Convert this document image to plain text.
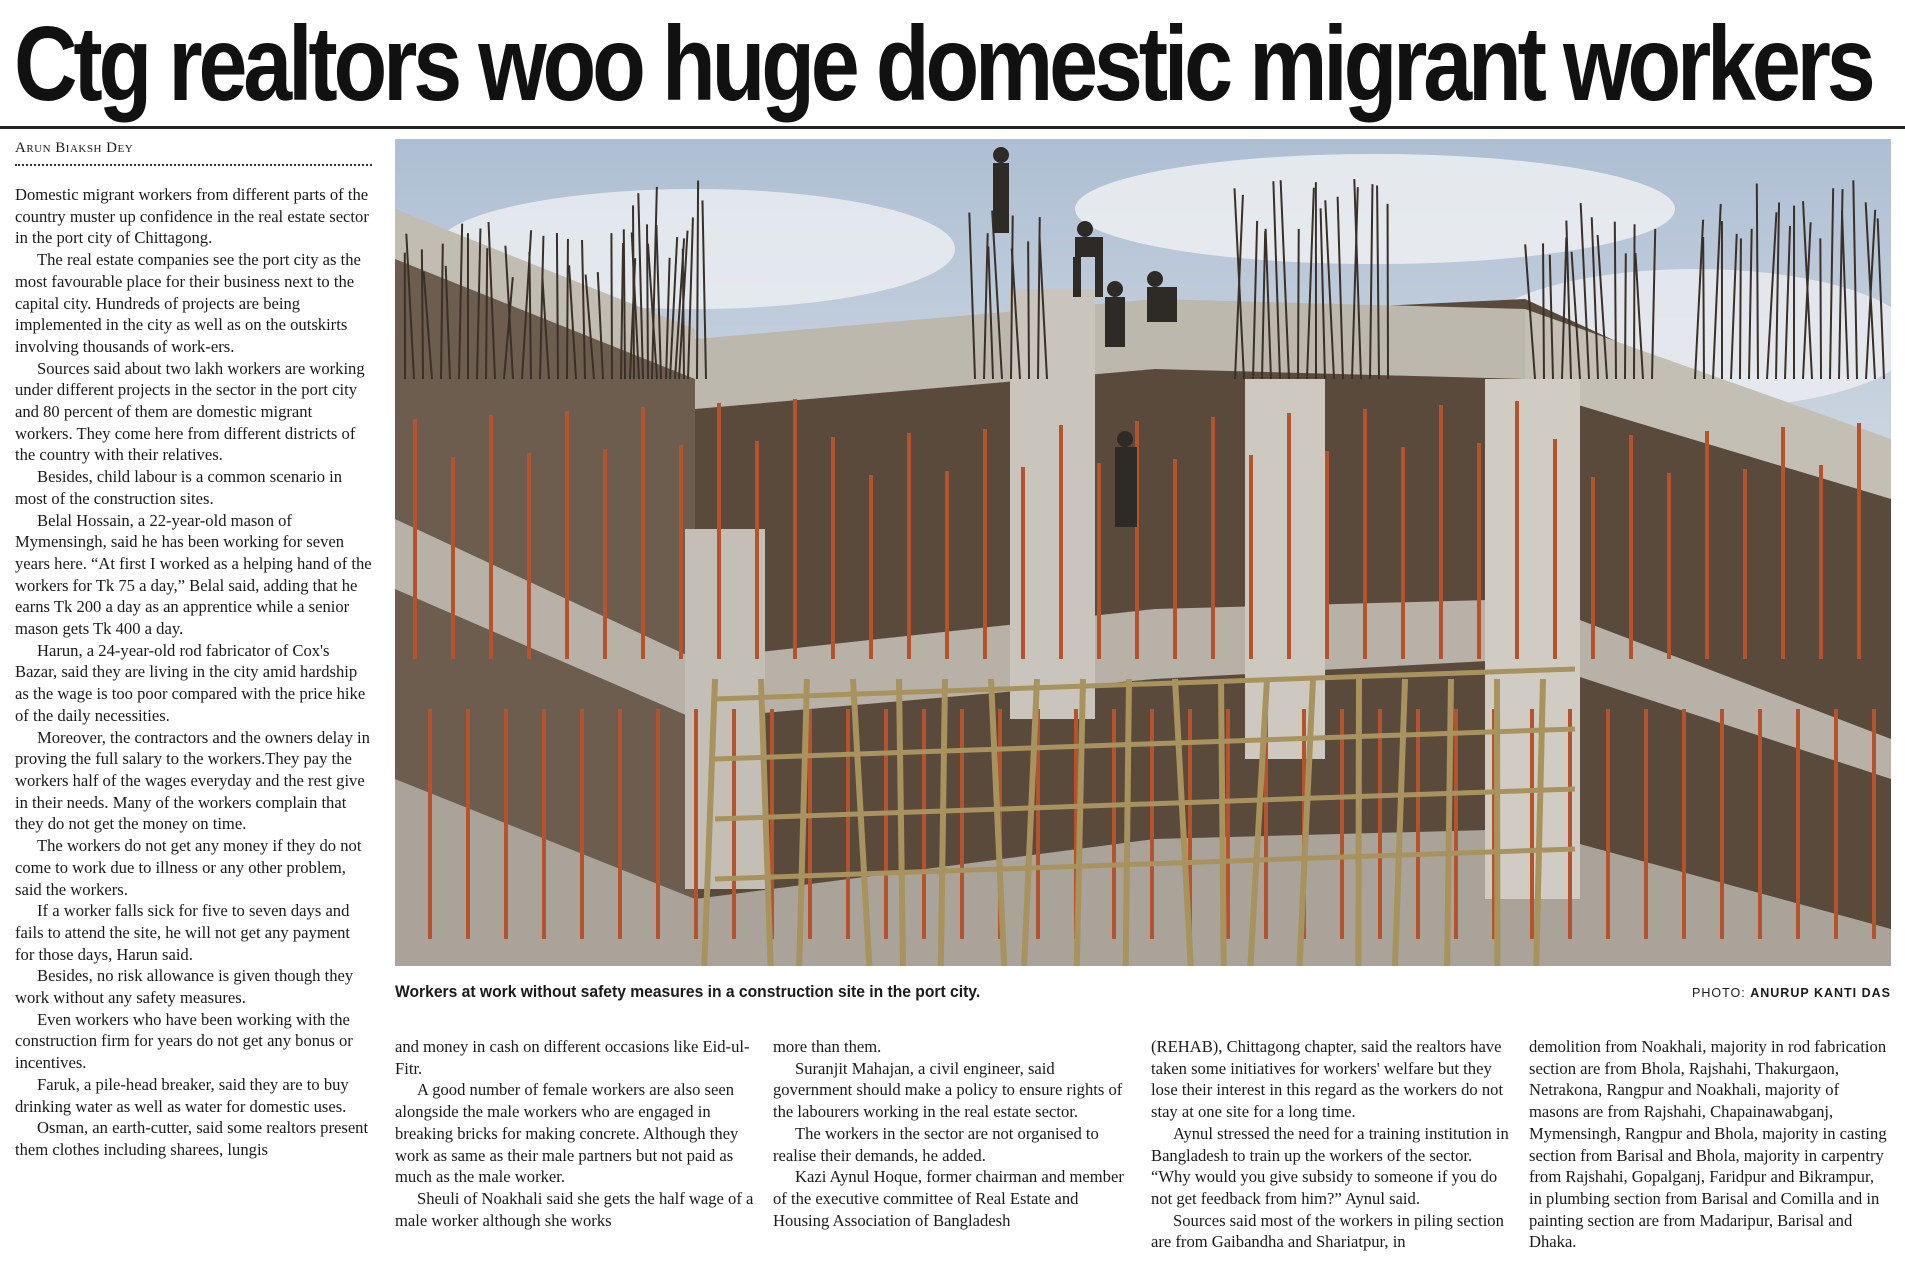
Ctg realtors woo huge domestic migrant workers
Arun Biaksh Dey

Domestic migrant workers from different parts of the country muster up confidence in the real estate sector in the port city of Chittagong.

The real estate companies see the port city as the most favourable place for their business next to the capital city. Hundreds of projects are being implemented in the city as well as on the outskirts involving thousands of work-ers.

Sources said about two lakh workers are working under different projects in the sector in the port city and 80 percent of them are domestic migrant workers. They come here from different districts of the country with their relatives.

Besides, child labour is a common scenario in most of the construction sites.

Belal Hossain, a 22-year-old mason of Mymensingh, said he has been working for seven years here. “At first I worked as a helping hand of the workers for Tk 75 a day,” Belal said, adding that he earns Tk 200 a day as an apprentice while a senior mason gets Tk 400 a day.

Harun, a 24-year-old rod fabricator of Cox's Bazar, said they are living in the city amid hardship as the wage is too poor compared with the price hike of the daily necessities.

Moreover, the contractors and the owners delay in proving the full salary to the workers.They pay the workers half of the wages everyday and the rest give in their needs. Many of the workers complain that they do not get the money on time.

The workers do not get any money if they do not come to work due to illness or any other problem, said the workers.

If a worker falls sick for five to seven days and fails to attend the site, he will not get any payment for those days, Harun said.

Besides, no risk allowance is given though they work without any safety measures.

Even workers who have been working with the construction firm for years do not get any bonus or incentives.

Faruk, a pile-head breaker, said they are to buy drinking water as well as water for domestic uses.

Osman, an earth-cutter, said some realtors present them clothes including sharees, lungis

Workers at work without safety measures in a construction site in the port city.	PHOTO: ANURUP KANTI DAS

and money in cash on different occasions like Eid-ul-Fitr.

A good number of female workers are also seen alongside the male workers who are engaged in breaking bricks for making concrete. Although they work as same as their male partners but not paid as much as the male worker.

Sheuli of Noakhali said she gets the half wage of a male worker although she works

more than them.

Suranjit Mahajan, a civil engineer, said government should make a policy to ensure rights of the labourers working in the real estate sector.

The workers in the sector are not organised to realise their demands, he added.

Kazi Aynul Hoque, former chairman and member of the executive committee of Real Estate and Housing Association of Bangladesh

(REHAB), Chittagong chapter, said the realtors have taken some initiatives for workers' welfare but they lose their interest in this regard as the workers do not stay at one site for a long time.

Aynul stressed the need for a training institution in Bangladesh to train up the workers of the sector. “Why would you give subsidy to someone if you do not get feedback from him?” Aynul said.

Sources said most of the workers in piling section are from Gaibandha and Shariatpur, in

demolition from Noakhali, majority in rod fabrication section are from Bhola, Rajshahi, Thakurgaon, Netrakona, Rangpur and Noakhali, majority of masons are from Rajshahi, Chapainawabganj, Mymensingh, Rangpur and Bhola, majority in casting section from Barisal and Bhola, majority in carpentry from Rajshahi, Gopalganj, Faridpur and Bikrampur, in plumbing section from Barisal and Comilla and in painting section are from Madaripur, Barisal and Dhaka.
